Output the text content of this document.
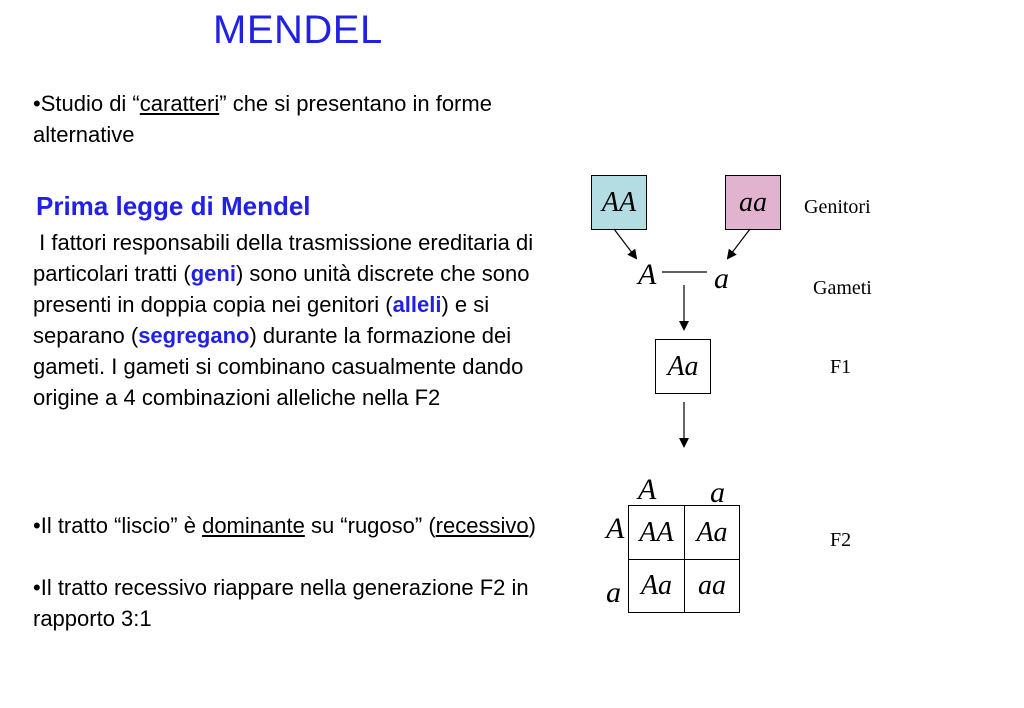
MENDEL
•Studio di “caratteri” che si presentano in forme alternative
Prima legge di Mendel
I fattori responsabili della trasmissione ereditaria di particolari tratti (geni) sono unità discrete che sono presenti in doppia copia nei genitori (alleli) e si separano (segregano) durante la formazione dei gameti. I gameti si combinano casualmente dando origine a 4 combinazioni alleliche nella F2
•Il tratto “liscio” è dominante su “rugoso” (recessivo)
•Il tratto recessivo riappare nella generazione F2 in rapporto 3:1
AA	aa
A a
Aa
A a
A
a
AA Aa
Aa aa
Genitori
Gameti
F1
F2
